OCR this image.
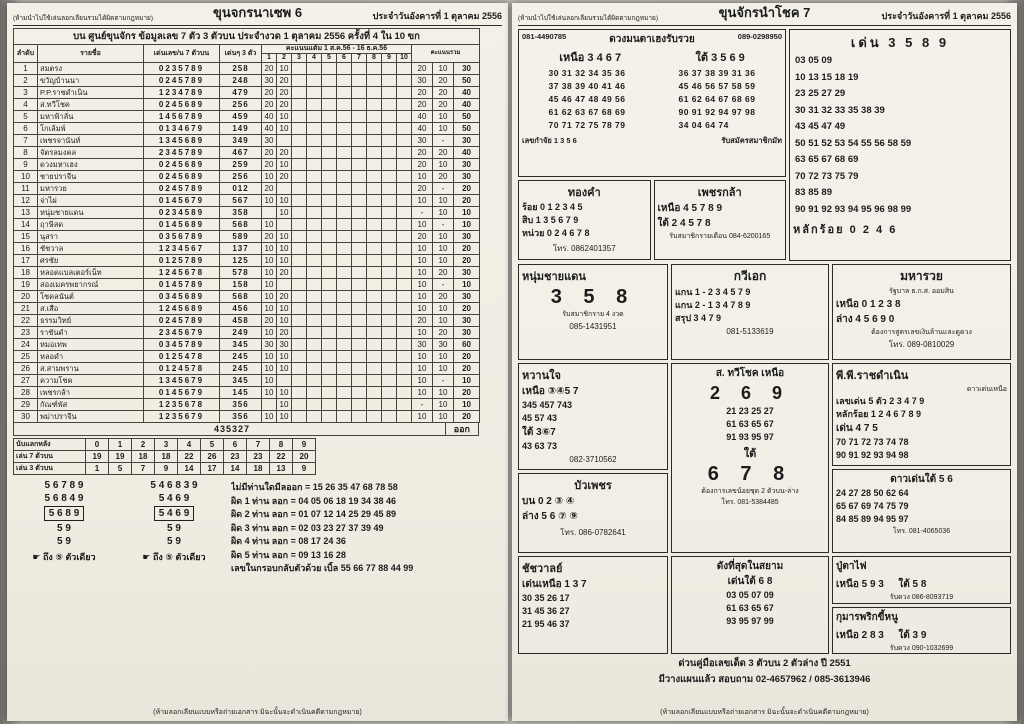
(ห้ามนำไปใช้เล่นลอกเลียนรวมได้ผิดตามกฎหมาย)	ขุนจกรนาเซพ 6	ประจำวันอังคารที่ 1 ตุลาคม 2556
บน ศูนย์ขุนจักร ข้อมูลเลข 7 ตัว 3 ตัวบน ประจำงวด 1 ตุลาคม 2556 ครั้งที่ 4 ใน 10 ขก																
ลำดับ	รายชื่อ	เด่นเลข/น 7 ตัวบน	เด่นๆ 3 ตัว	คะแนนแต้ม 1 ส.ค.56 - 16 ธ.ค.56										คะแนนรวม		
				1	2	3	4	5	6	7	8	9	10			
1	สมตรง	0235789	258	20	10									20	10	30
2	ขวัญบ้านนา	0245789	248	30	20									30	20	50
3	P.P.ราชดำเนิน	1234789	479	20	20									20	20	40
4	ส.ทวีโชค	0245689	256	20	20									20	20	40
5	มหาฟ้าลั่น	1456789	459	40	10									40	10	50
6	โกเล้มพ์	0134679	149	40	10									40	10	50
7	เพชรจานันท์	1345689	349	30										30	-	30
8	จัตรลมงคล	2345789	467	20	20									20	20	40
9	ดวงมหาเฮง	0245689	259	20	10									20	10	30
10	ชายปราจีน	0245689	256	10	20									10	20	30
11	มหารวย	0245789	012	20										20	-	20
12	จ่าไผ่	0145679	567	10	10									10	10	20
13	หนุ่มชายแดน	0234589	358		10									-	10	10
14	ฤาษีสด	0145689	568	10										10	-	10
15	นุสรา	0356789	589	20	10									20	10	30
16	ชัชวาล	1234567	137	10	10									10	10	20
17	ศรชัย	0125789	125	10	10									10	10	20
18	หลอดแบลเตอร์เน็ท	1245678	578	10	20									10	20	30
19	สองเมครพยากรณ์	0145789	158	10										10	-	10
20	โชคลนันต์	0345689	568	10	20									10	20	30
21	ส.เสือ	1245689	456	10	10									10	10	20
22	ธรรมวิทย์	0245789	458	20	10									20	10	30
23	ราชันดำ	2345679	249	10	20									10	20	30
24	หมอเทพ	0345789	345	30	30									30	30	60
25	หลอดำ	0125478	245	10	10									10	10	20
26	ส.สามพราน	0124578	245	10	10									10	10	20
27	ความโชค	1345679	345	10										10	-	10
28	เพชรกล้า	0145679	145	10	10									10	10	20
29	กัณฑ์พัส	1235678	356		10									-	10	10
30	พม่าปราจีน	1235679	356	10	10									10	10	20
435327	ออก
นับแลกหลัง	0	1	2	3	4	5	6	7	8	9
เล่น 7 ตัวบน	19	19	18	18	22	26	23	23	22	20
เล่น 3 ตัวบน	1	5	7	9	14	17	14	18	13	9
5 6 7 8 9
5 6 8 4 9
5 6 8 9
5 9
5 9
☛ ถึง ⑤ ตัวเดียว
5 4 6 8 3 9
5 4 6 9
5 4 6 9
5 9
5 9
☛ ถึง ⑤ ตัวเดียว
ไม่มีท่านใดมีลออก = 15 26 35 47 68 78 58
ผิด 1 ท่าน ลอก = 04 05 06 18 19 34 38 46
ผิด 2 ท่าน ลอก = 01 07 12 14 25 29 45 89
ผิด 3 ท่าน ลอก = 02 03 23 27 37 39 49
ผิด 4 ท่าน ลอก = 08 17 24 36
ผิด 5 ท่าน ลอก = 09 13 16 28
เลขในกรอบกลับตัวด้วย เบิ้ล 55 66 77 88 44 99
(ห้ามลอกเลียนแบบหรือถ่ายเอกสาร มิฉะนั้นจะดำเนินคดีตามกฎหมาย)
(ห้ามนำไปใช้เล่นลอกเลียนรวมได้ผิดตามกฎหมาย)	ขุนจักรนำโชค 7	ประจำวันอังคารที่ 1 ตุลาคม 2556
081-4490785	ดวงมนตาเฮงรับรวย	089-0298950
เหนือ 3 4 6 7	ใต้ 3 5 6 9
30 31 32 34 35 36
37 38 39 40 41 46
45 46 47 48 49 56
61 62 63 67 68 69
70 71 72 75 78 79
36 37 38 39 31 36
45 46 56 57 58 59
61 62 64 67 68 69
90 91 92 94 97 98
34 04 64 74
เลขกำจัย 1 3 5 6	รับสมัครสมาชิกมัท
ทองคำ
ร้อย 0 1 2 3 4 5
สิบ 1 3 5 6 7 9
หน่วย 0 2 4 6 7 8
โทร. 0862401357
เพชรกล้า
เหนือ 4 5 7 8 9
ใต้ 2 4 5 7 8
รับสมาชิกรายเดือน 084-6200165
เด่น 3 5 8 9
03 05 09
10 13 15 18 19
23 25 27 29
30 31 32 33 35 38 39
43 45 47 49
50 51 52 53 54 55 56 58 59
63 65 67 68 69
70 72 73 75 79
83 85 89
90 91 92 93 94 95 96 98 99
หลักร้อย 0 2 4 6
หนุ่มชายแดน
3 5 8
รับสมาชิกราย 4 งวด
085-1431951
กวีเอก
แกน 1 - 2 3 4 5 7 9
แกน 2 - 1 3 4 7 8 9
สรุป 3 4 7 9
081-5133619
มหารวย
รัฐบาล ธ.ก.ส. ออมสิน
เหนือ 0 1 2 3 8
ล่าง 4 5 6 9 0
ต้องการสูตรเลขเงินล้านและดูดวง
โทร. 089-0810029
หวานใจ
เหนือ ③④5 7
345 457 743
45 57 43
ใต้ 3⑥7
43 63 73
082-3710562
บัวเพชร
บน 0 2 ③ ④
ล่าง 5 6 ⑦ ⑨
โทร. 086-0782641
ส. ทวีโชค เหนือ
2 6 9
21 23 25 27
61 63 65 67
91 93 95 97
ใต้
6 7 8
ต้องการเลขน้อยชุด 2 ตัวบน-ล่าง
โทร. 081-5384485
พี.พี.ราชดำเนิน
ดาวเด่นเหนือ
เลขเด่น 5 ตัว 2 3 4 7 9
หลักร้อย 1 2 4 6 7 8 9
เด่น 4 7 5
70 71 72 73 74 78
90 91 92 93 94 98
ดาวเด่นใต้ 5 6
24 27 28 50 62 64
65 67 69 74 75 79
84 85 89 94 95 97
โทร. 081-4065036
ชัชวาลย์
เด่นเหนือ 1 3 7
30 35 26 17
31 45 36 27
21 95 46 37
ดังที่สุดในสยาม
เด่นใต้ 6 8
03 05 07 09
61 63 65 67
93 95 97 99
ปู่ตาไฟ
เหนือ 5 9 3 ใต้ 5 8
รับดวง 086-8093719
กุมารพริกขี้หนู
เหนือ 2 8 3 ใต้ 3 9
รับดวง 090-1032699
ด่วนคู่มือเลขเด็ด 3 ตัวบน 2 ตัวล่าง ปี 2551
มีวางแผนแล้ว สอบถาม 02-4657962 / 085-3613946
(ห้ามลอกเลียนแบบหรือถ่ายเอกสาร มิฉะนั้นจะดำเนินคดีตามกฎหมาย)
